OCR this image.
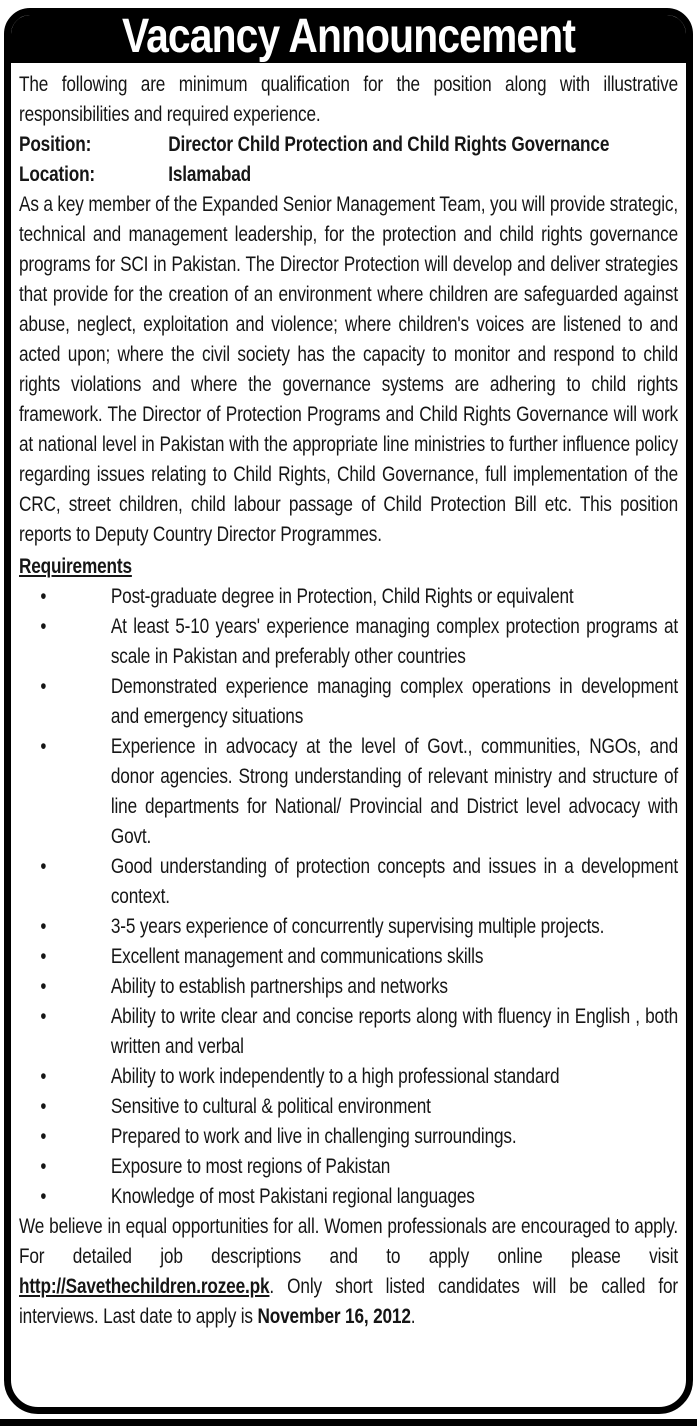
Vacancy Announcement

The following are minimum qualification for the position along with illustrative responsibilities and required experience.

Position:	Director Child Protection and Child Rights Governance
Location:	Islamabad

As a key member of the Expanded Senior Management Team, you will provide strategic, technical and management leadership, for the protection and child rights governance programs for SCI in Pakistan. The Director Protection will develop and deliver strategies that provide for the creation of an environment where children are safeguarded against abuse, neglect, exploitation and violence; where children's voices are listened to and acted upon; where the civil society has the capacity to monitor and respond to child rights violations and where the governance systems are adhering to child rights framework. The Director of Protection Programs and Child Rights Governance will work at national level in Pakistan with the appropriate line ministries to further influence policy regarding issues relating to Child Rights, Child Governance, full implementation of the CRC, street children, child labour passage of Child Protection Bill etc. This position reports to Deputy Country Director Programmes.

Requirements
•	Post-graduate degree in Protection, Child Rights or equivalent
•	At least 5-10 years' experience managing complex protection programs at scale in Pakistan and preferably other countries
•	Demonstrated experience managing complex operations in development and emergency situations
•	Experience in advocacy at the level of Govt., communities, NGOs, and donor agencies. Strong understanding of relevant ministry and structure of line departments for National/ Provincial and District level advocacy with Govt.
•	Good understanding of protection concepts and issues in a development context.
•	3-5 years experience of concurrently supervising multiple projects.
•	Excellent management and communications skills
•	Ability to establish partnerships and networks
•	Ability to write clear and concise reports along with fluency in English , both written and verbal
•	Ability to work independently to a high professional standard
•	Sensitive to cultural & political environment
•	Prepared to work and live in challenging surroundings.
•	Exposure to most regions of Pakistan
•	Knowledge of most Pakistani regional languages

We believe in equal opportunities for all. Women professionals are encouraged to apply. For detailed job descriptions and to apply online please visit http://Savethechildren.rozee.pk. Only short listed candidates will be called for interviews. Last date to apply is November 16, 2012.
